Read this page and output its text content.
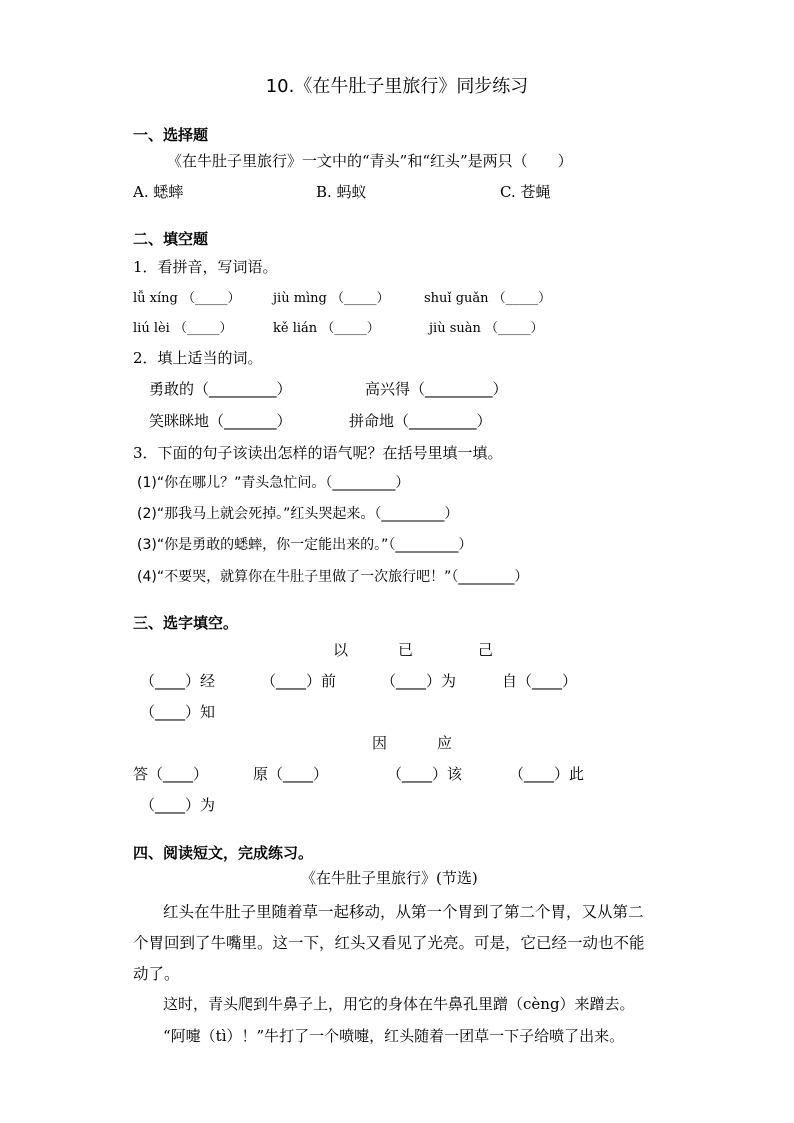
10.《在牛肚子里旅行》同步练习
一、选择题
《在牛肚子里旅行》一文中的“青头”和“红头”是两只（　　）
A. 蟋蟀	B. 蚂蚁	C. 苍蝇
二、填空题
1．看拼音，写词语。
lǚ xíng （_____）	jiù mìng （_____）	shuǐ guǎn （_____）
liú lèi （_____）	kě lián （_____）	jiù suàn （_____）
2．填上适当的词。
勇敢的（_________）	高兴得（_________）
笑眯眯地（_______）	拼命地（_________）
3．下面的句子该读出怎样的语气呢？在括号里填一填。
(1)“你在哪儿？”青头急忙问。（_________）
(2)“那我马上就会死掉。”红头哭起来。（_________）
(3)“你是勇敢的蟋蟀，你一定能出来的。”（_________）
(4)“不要哭，就算你在牛肚子里做了一次旅行吧！”（________）
三、选字填空。
以	已	己
（____）经	（____）前	（____）为	自（____）
（____）知
因	应
答（____）	原（____）	（____）该	（____）此
（____）为
四、阅读短文，完成练习。
《在牛肚子里旅行》(节选)
红头在牛肚子里随着草一起移动，从第一个胃到了第二个胃，又从第二
个胃回到了牛嘴里。这一下，红头又看见了光亮。可是，它已经一动也不能
动了。
这时，青头爬到牛鼻子上，用它的身体在牛鼻孔里蹭（cèng）来蹭去。
“阿嚏（tì）！”牛打了一个喷嚏，红头随着一团草一下子给喷了出来。
